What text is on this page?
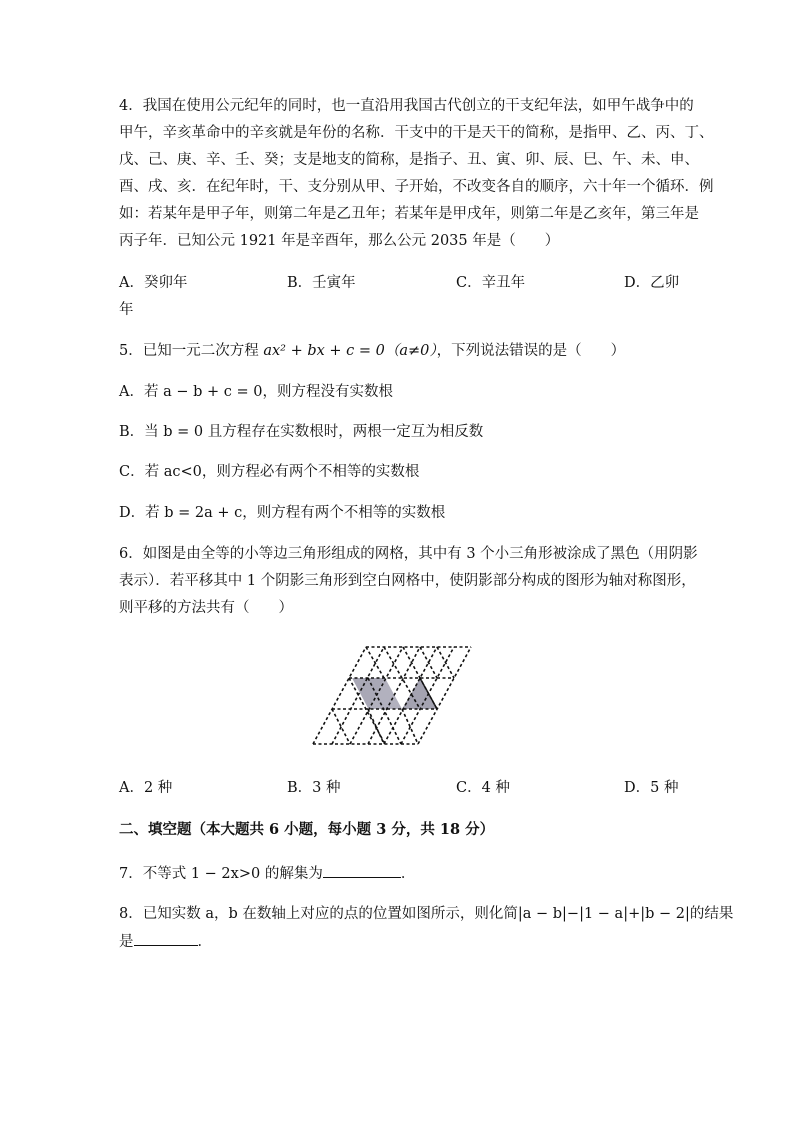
4．我国在使用公元纪年的同时，也一直沿用我国古代创立的干支纪年法，如甲午战争中的
甲午，辛亥革命中的辛亥就是年份的名称．干支中的干是天干的简称，是指甲、乙、丙、丁、
戊、己、庚、辛、壬、癸；支是地支的简称，是指子、丑、寅、卯、辰、巳、午、未、申、
酉、戌、亥．在纪年时，干、支分别从甲、子开始，不改变各自的顺序，六十年一个循环．例
如：若某年是甲子年，则第二年是乙丑年；若某年是甲戌年，则第二年是乙亥年，第三年是
丙子年．已知公元 1921 年是辛酉年，那么公元 2035 年是（　　）
A．癸卯年	B．壬寅年	C．辛丑年	D．乙卯
年
5．已知一元二次方程 ax² + bx + c = 0（a≠0），下列说法错误的是（　　）
A．若 a − b + c = 0，则方程没有实数根
B．当 b = 0 且方程存在实数根时，两根一定互为相反数
C．若 ac<0，则方程必有两个不相等的实数根
D．若 b = 2a + c，则方程有两个不相等的实数根
6．如图是由全等的小等边三角形组成的网格，其中有 3 个小三角形被涂成了黑色（用阴影
表示）．若平移其中 1 个阴影三角形到空白网格中，使阴影部分构成的图形为轴对称图形，
则平移的方法共有（　　）
A．2 种	B．3 种	C．4 种	D．5 种
二、填空题（本大题共 6 小题，每小题 3 分，共 18 分）
7．不等式 1 − 2x>0 的解集为	．
8．已知实数 a，b 在数轴上对应的点的位置如图所示，则化简|a − b|−|1 − a|+|b − 2|的结果
是	．
